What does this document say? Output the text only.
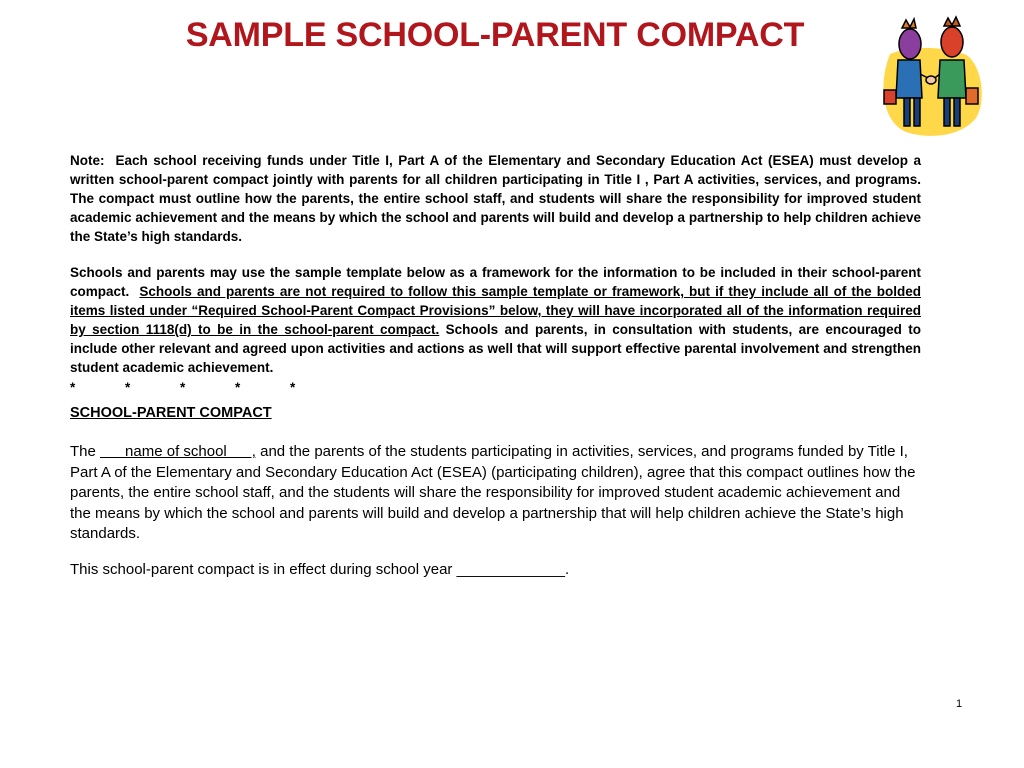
SAMPLE SCHOOL-PARENT COMPACT

Note: Each school receiving funds under Title I, Part A of the Elementary and Secondary Education Act (ESEA) must develop a written school-parent compact jointly with parents for all children participating in Title I , Part A activities, services, and programs. The compact must outline how the parents, the entire school staff, and students will share the responsibility for improved student academic achievement and the means by which the school and parents will build and develop a partnership to help children achieve the State’s high standards.

Schools and parents may use the sample template below as a framework for the information to be included in their school-parent compact. Schools and parents are not required to follow this sample template or framework, but if they include all of the bolded items listed under “Required School-Parent Compact Provisions” below, they will have incorporated all of the information required by section 1118(d) to be in the school-parent compact. Schools and parents, in consultation with students, are encouraged to include other relevant and agreed upon activities and actions as well that will support effective parental involvement and strengthen student academic achievement.

*	*	*	*	*
SCHOOL-PARENT COMPACT

The       name of school      , and the parents of the students participating in activities, services, and programs funded by Title I, Part A of the Elementary and Secondary Education Act (ESEA) (participating children), agree that this compact outlines how the parents, the entire school staff, and the students will share the responsibility for improved student academic achievement and the means by which the school and parents will build and develop a partnership that will help children achieve the State’s high standards.

This school-parent compact is in effect during school year _____________.

1
